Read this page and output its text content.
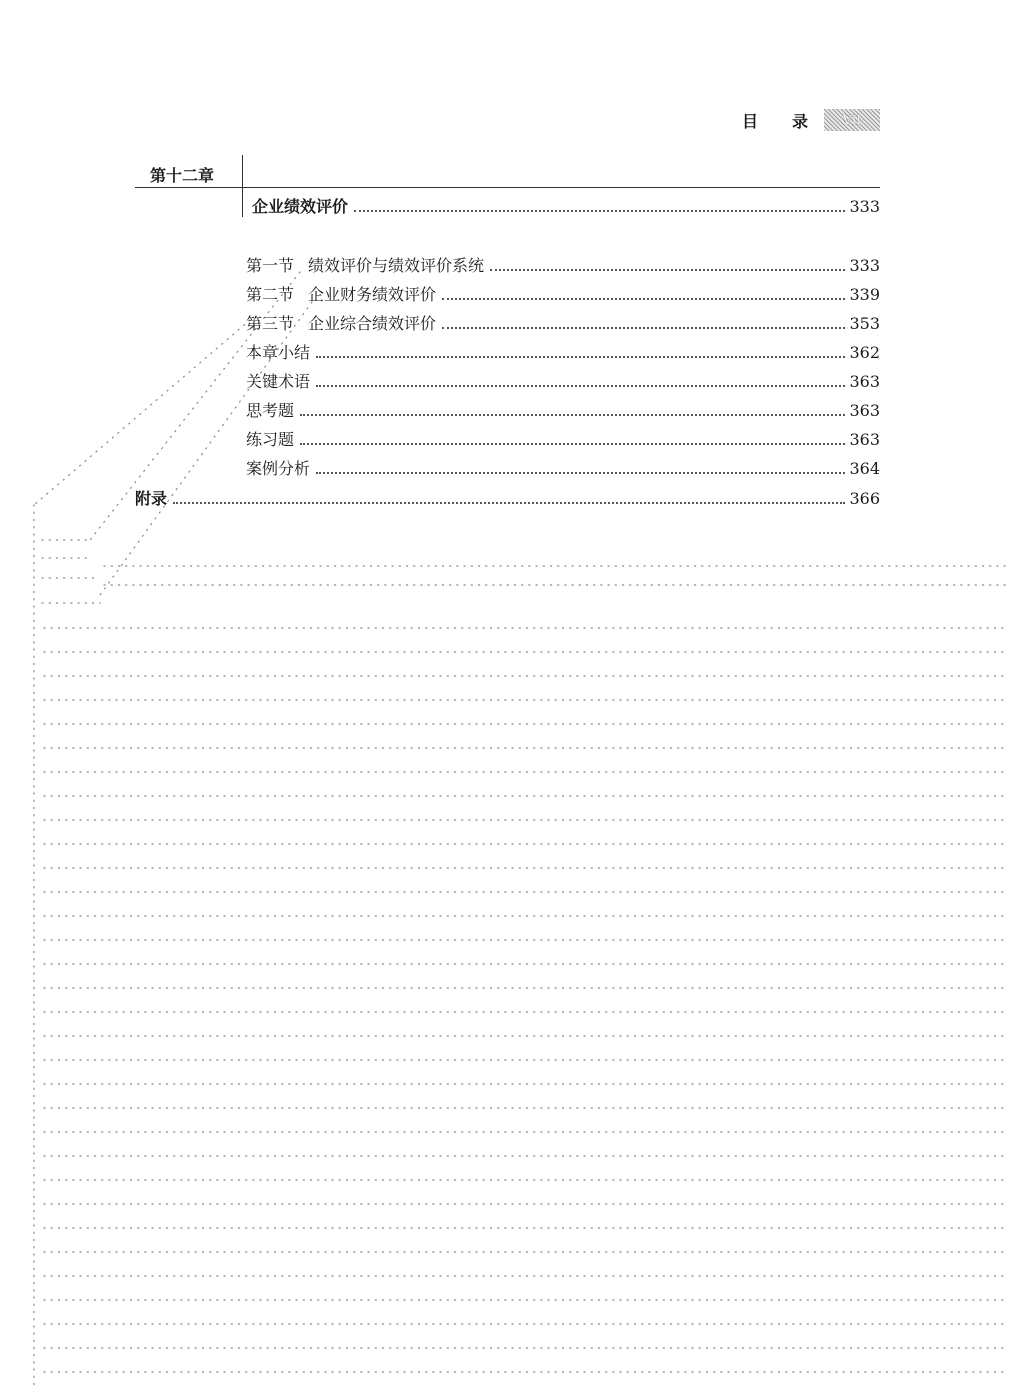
目 录	VII
第十二章
企业绩效评价	333
第一节 绩效评价与绩效评价系统	333
第二节 企业财务绩效评价	339
第三节 企业综合绩效评价	353
本章小结	362
关键术语	363
思考题	363
练习题	363
案例分析	364
附录	366
